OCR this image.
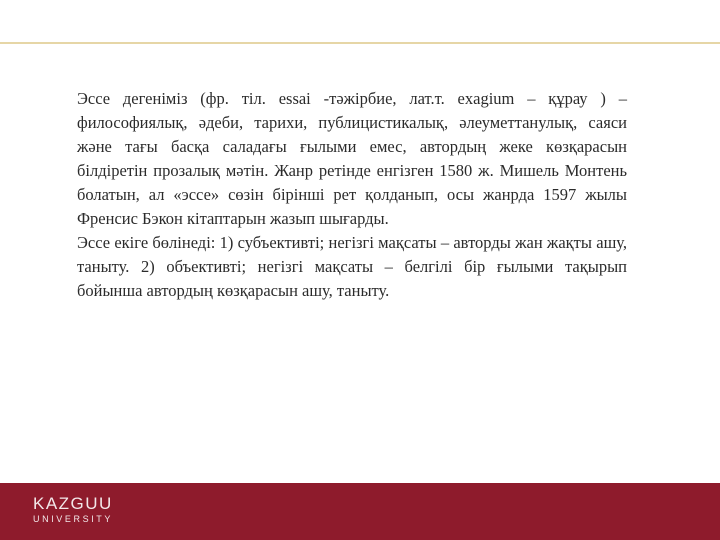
Эссе дегеніміз (фр. тіл. essai -тәжірбие, лат.т. exagium – құрау ) – философиялық, әдеби, тарихи, публицистикалық, әлеуметтанулық, саяси және тағы басқа саладағы ғылыми емес, автордың жеке көзқарасын білдіретін прозалық мәтін. Жанр ретінде енгізген 1580 ж. Мишель Монтень болатын, ал «эссе» сөзін бірінші рет қолданып, осы жанрда 1597 жылы Френсис Бэкон кітаптарын жазып шығарды.

Эссе екіге бөлінеді: 1) субъективті; негізгі мақсаты – авторды жан жақты ашу, таныту. 2) объективті; негізгі мақсаты – белгілі бір ғылыми тақырып бойынша автордың көзқарасын ашу, таныту.

KAZGUU
UNIVERSITY
